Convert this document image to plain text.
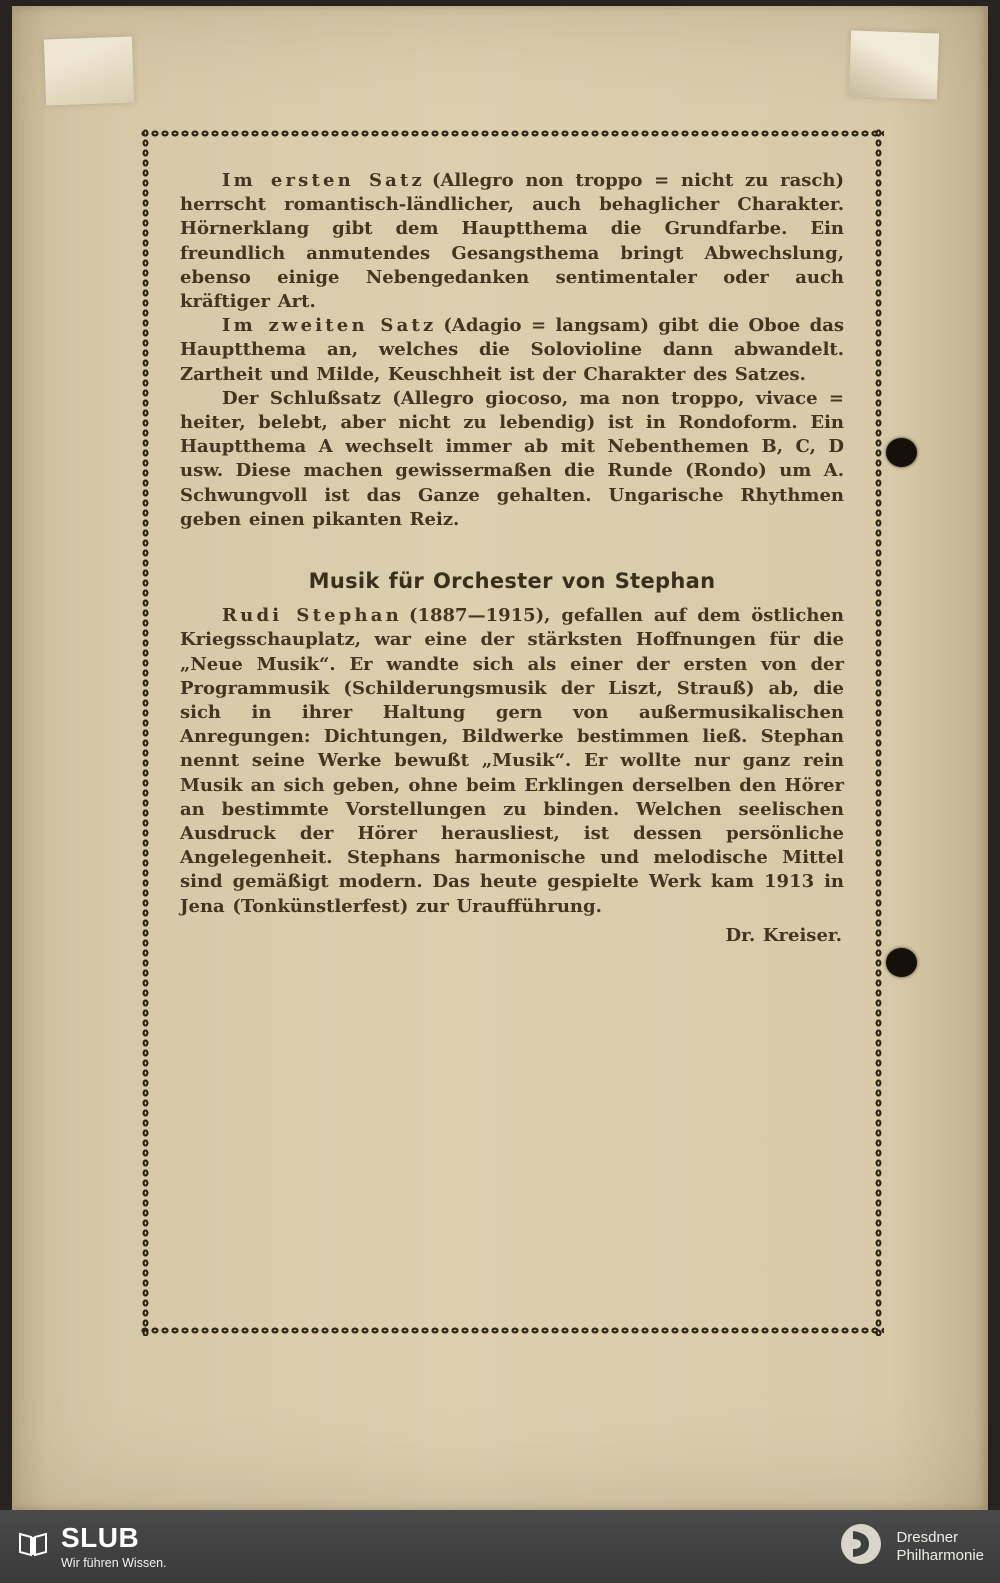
Im ersten Satz (Allegro non troppo = nicht zu rasch) herrscht romantisch-ländlicher, auch behaglicher Charakter. Hörnerklang gibt dem Hauptthema die Grundfarbe. Ein freundlich anmutendes Gesangsthema bringt Abwechslung, ebenso einige Nebengedanken sentimentaler oder auch kräftiger Art.

Im zweiten Satz (Adagio = langsam) gibt die Oboe das Hauptthema an, welches die Solovioline dann abwandelt. Zartheit und Milde, Keuschheit ist der Charakter des Satzes.

Der Schlußsatz (Allegro giocoso, ma non troppo, vivace = heiter, belebt, aber nicht zu lebendig) ist in Rondoform. Ein Hauptthema A wechselt immer ab mit Nebenthemen B, C, D usw. Diese machen gewissermaßen die Runde (Rondo) um A. Schwungvoll ist das Ganze gehalten. Ungarische Rhythmen geben einen pikanten Reiz.

Musik für Orchester von Stephan

Rudi Stephan (1887—1915), gefallen auf dem östlichen Kriegsschauplatz, war eine der stärksten Hoffnungen für die „Neue Musik“. Er wandte sich als einer der ersten von der Programmusik (Schilderungsmusik der Liszt, Strauß) ab, die sich in ihrer Haltung gern von außermusikalischen Anregungen: Dichtungen, Bildwerke bestimmen ließ. Stephan nennt seine Werke bewußt „Musik“. Er wollte nur ganz rein Musik an sich geben, ohne beim Erklingen derselben den Hörer an bestimmte Vorstellungen zu binden. Welchen seelischen Ausdruck der Hörer herausliest, ist dessen persönliche Angelegenheit. Stephans harmonische und melodische Mittel sind gemäßigt modern. Das heute gespielte Werk kam 1913 in Jena (Tonkünstlerfest) zur Uraufführung.

Dr. Kreiser.

SLUB
Wir führen Wissen.
Dresdner
Philharmonie
